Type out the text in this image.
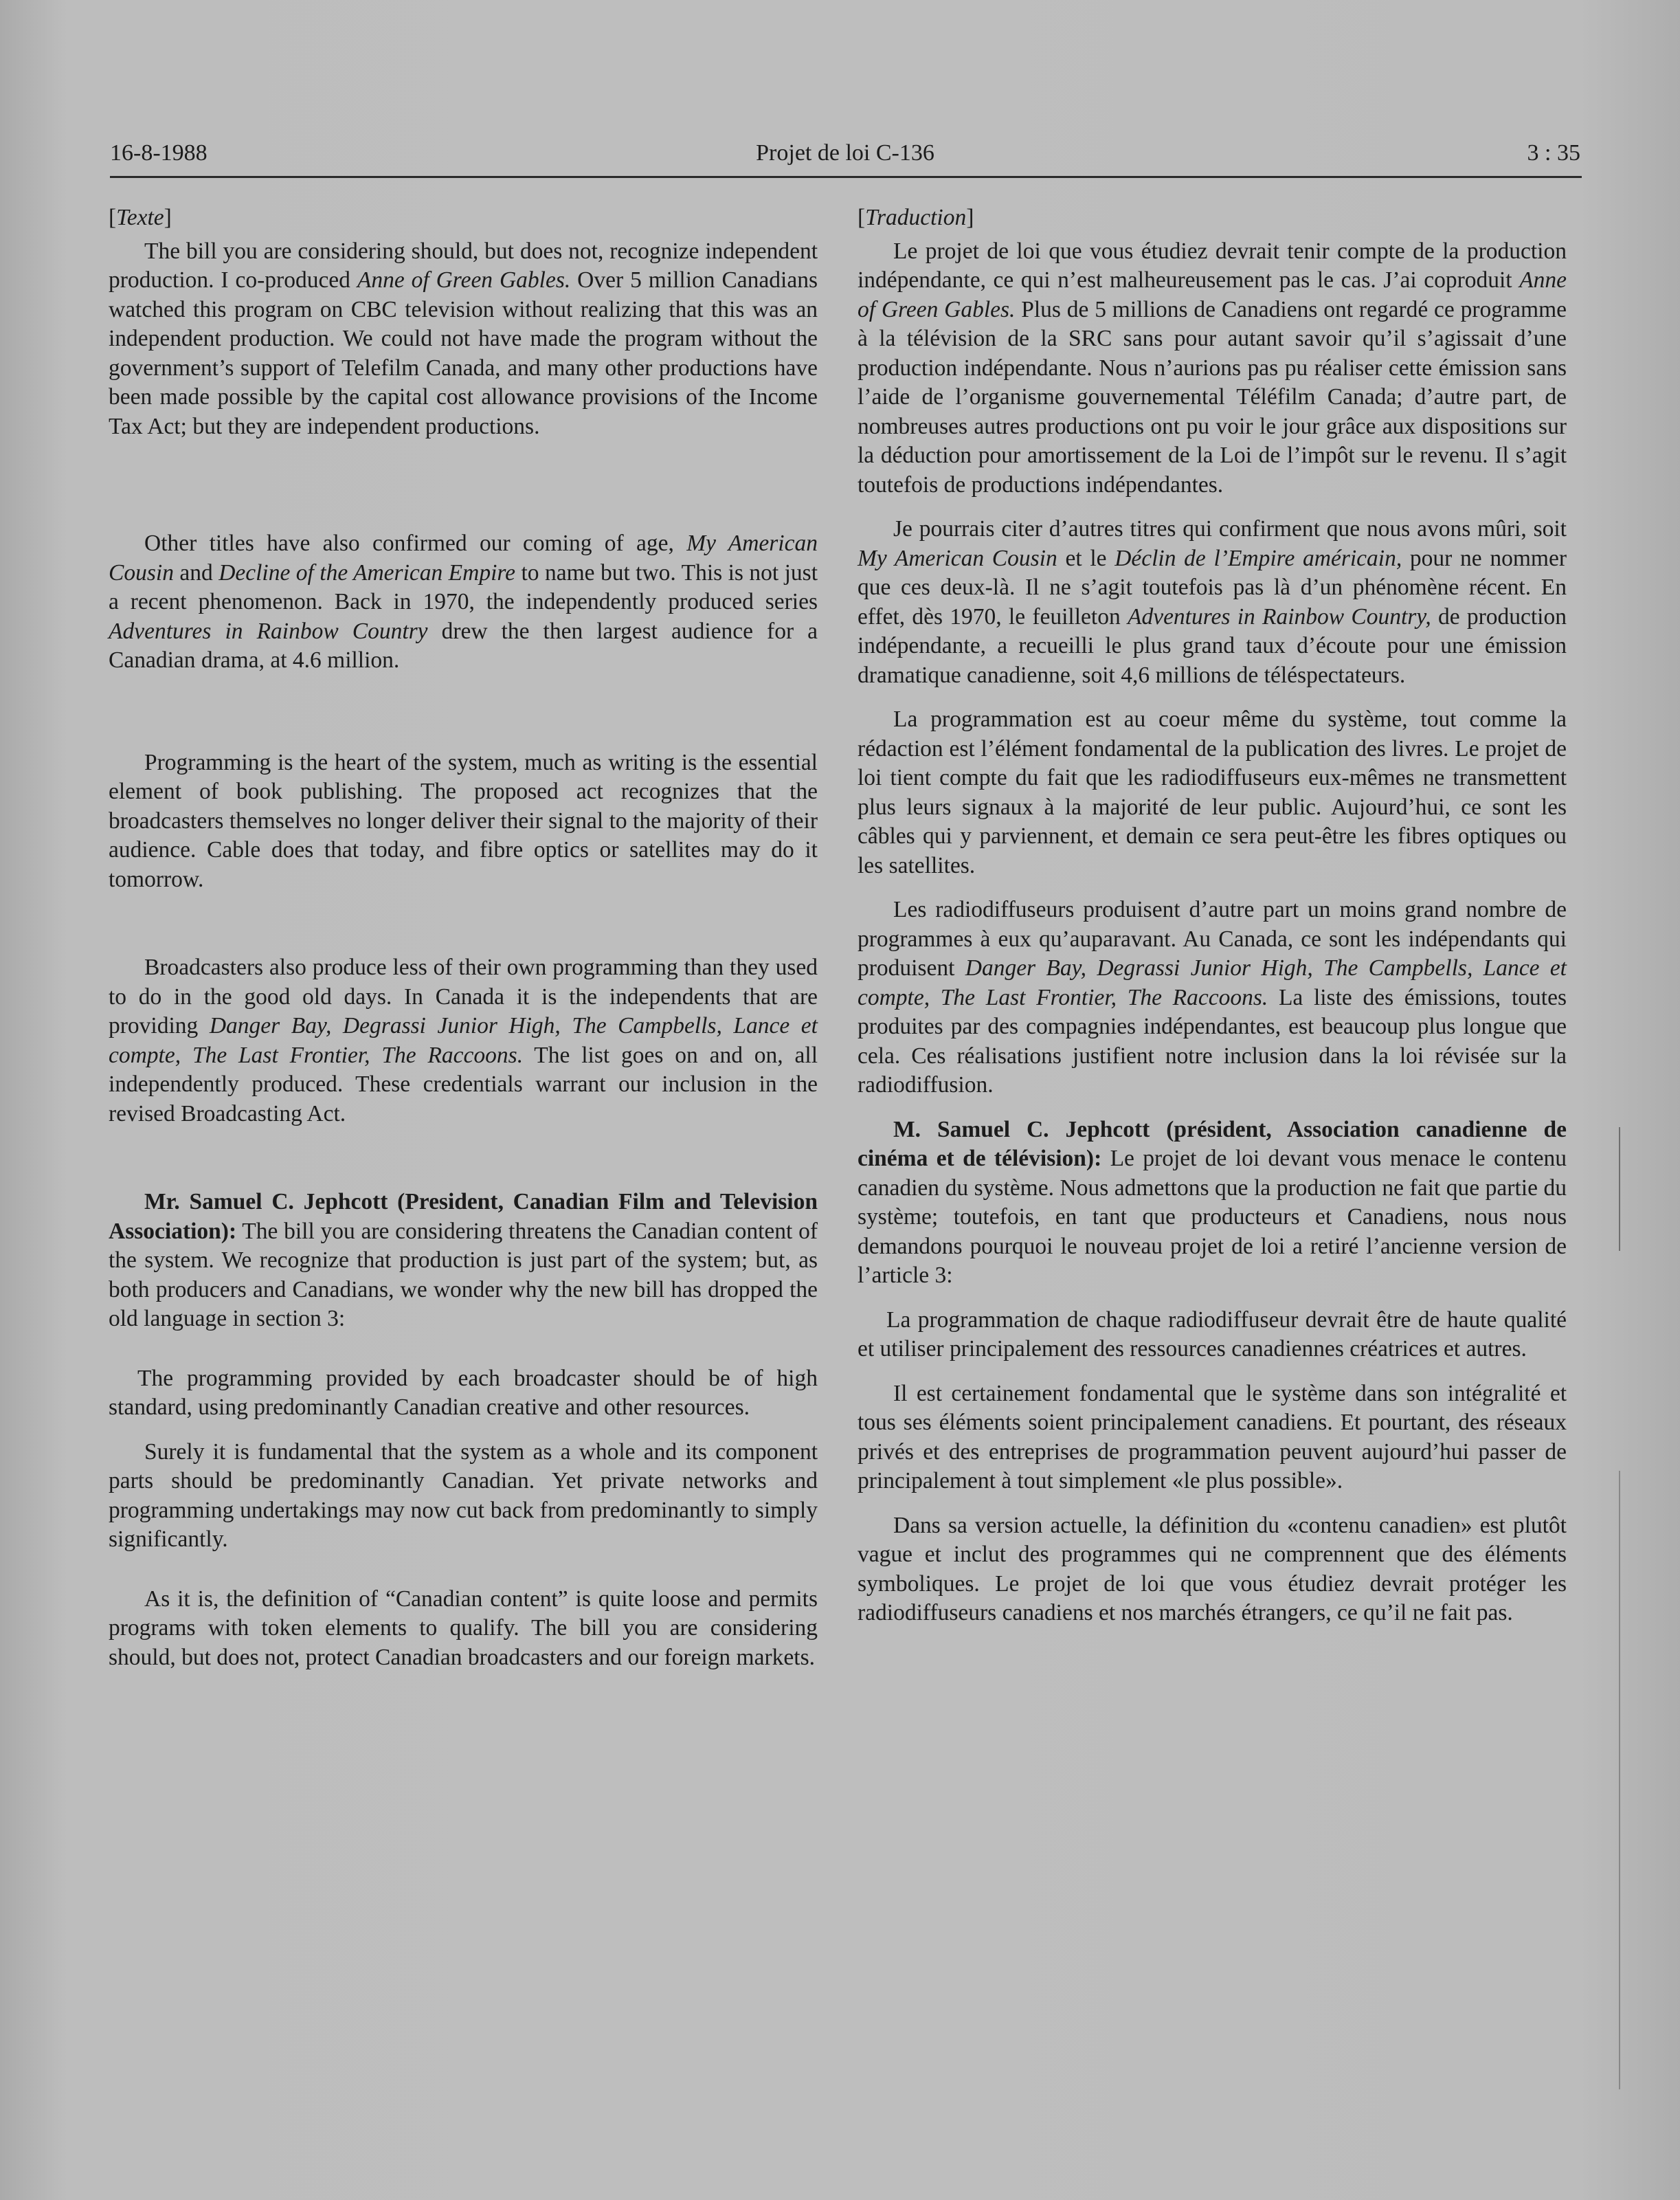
16-8-1988	Projet de loi C-136	3 : 35

[Texte]

The bill you are considering should, but does not, recognize independent production. I co-produced Anne of Green Gables. Over 5 million Canadians watched this program on CBC television without realizing that this was an independent production. We could not have made the program without the government’s support of Telefilm Canada, and many other productions have been made possible by the capital cost allowance provisions of the Income Tax Act; but they are independent productions.

Other titles have also confirmed our coming of age, My American Cousin and Decline of the American Empire to name but two. This is not just a recent phenomenon. Back in 1970, the independently produced series Adventures in Rainbow Country drew the then largest audience for a Canadian drama, at 4.6 million.

Programming is the heart of the system, much as writing is the essential element of book publishing. The proposed act recognizes that the broadcasters themselves no longer deliver their signal to the majority of their audience. Cable does that today, and fibre optics or satellites may do it tomorrow.

Broadcasters also produce less of their own programming than they used to do in the good old days. In Canada it is the independents that are providing Danger Bay, Degrassi Junior High, The Campbells, Lance et compte, The Last Frontier, The Raccoons. The list goes on and on, all independently produced. These credentials warrant our inclusion in the revised Broadcasting Act.

Mr. Samuel C. Jephcott (President, Canadian Film and Television Association): The bill you are considering threatens the Canadian content of the system. We recognize that production is just part of the system; but, as both producers and Canadians, we wonder why the new bill has dropped the old language in section 3:

The programming provided by each broadcaster should be of high standard, using predominantly Canadian creative and other resources.

Surely it is fundamental that the system as a whole and its component parts should be predominantly Canadian. Yet private networks and programming undertakings may now cut back from predominantly to simply significantly.

As it is, the definition of “Canadian content” is quite loose and permits programs with token elements to qualify. The bill you are considering should, but does not, protect Canadian broadcasters and our foreign markets.

[Traduction]

Le projet de loi que vous étudiez devrait tenir compte de la production indépendante, ce qui n’est malheureusement pas le cas. J’ai coproduit Anne of Green Gables. Plus de 5 millions de Canadiens ont regardé ce programme à la télévision de la SRC sans pour autant savoir qu’il s’agissait d’une production indépendante. Nous n’aurions pas pu réaliser cette émission sans l’aide de l’organisme gouvernemental Téléfilm Canada; d’autre part, de nombreuses autres productions ont pu voir le jour grâce aux dispositions sur la déduction pour amortissement de la Loi de l’impôt sur le revenu. Il s’agit toutefois de productions indépendantes.

Je pourrais citer d’autres titres qui confirment que nous avons mûri, soit My American Cousin et le Déclin de l’Empire américain, pour ne nommer que ces deux-là. Il ne s’agit toutefois pas là d’un phénomène récent. En effet, dès 1970, le feuilleton Adventures in Rainbow Country, de production indépendante, a recueilli le plus grand taux d’écoute pour une émission dramatique canadienne, soit 4,6 millions de téléspectateurs.

La programmation est au coeur même du système, tout comme la rédaction est l’élément fondamental de la publication des livres. Le projet de loi tient compte du fait que les radiodiffuseurs eux-mêmes ne transmettent plus leurs signaux à la majorité de leur public. Aujourd’hui, ce sont les câbles qui y parviennent, et demain ce sera peut-être les fibres optiques ou les satellites.

Les radiodiffuseurs produisent d’autre part un moins grand nombre de programmes à eux qu’auparavant. Au Canada, ce sont les indépendants qui produisent Danger Bay, Degrassi Junior High, The Campbells, Lance et compte, The Last Frontier, The Raccoons. La liste des émissions, toutes produites par des compagnies indépendantes, est beaucoup plus longue que cela. Ces réalisations justifient notre inclusion dans la loi révisée sur la radiodiffusion.

M. Samuel C. Jephcott (président, Association canadienne de cinéma et de télévision): Le projet de loi devant vous menace le contenu canadien du système. Nous admettons que la production ne fait que partie du système; toutefois, en tant que producteurs et Canadiens, nous nous demandons pourquoi le nouveau projet de loi a retiré l’ancienne version de l’article 3:

La programmation de chaque radiodiffuseur devrait être de haute qualité et utiliser principalement des ressources canadiennes créatrices et autres.

Il est certainement fondamental que le système dans son intégralité et tous ses éléments soient principalement canadiens. Et pourtant, des réseaux privés et des entreprises de programmation peuvent aujourd’hui passer de principalement à tout simplement «le plus possible».

Dans sa version actuelle, la définition du «contenu canadien» est plutôt vague et inclut des programmes qui ne comprennent que des éléments symboliques. Le projet de loi que vous étudiez devrait protéger les radiodiffuseurs canadiens et nos marchés étrangers, ce qu’il ne fait pas.
